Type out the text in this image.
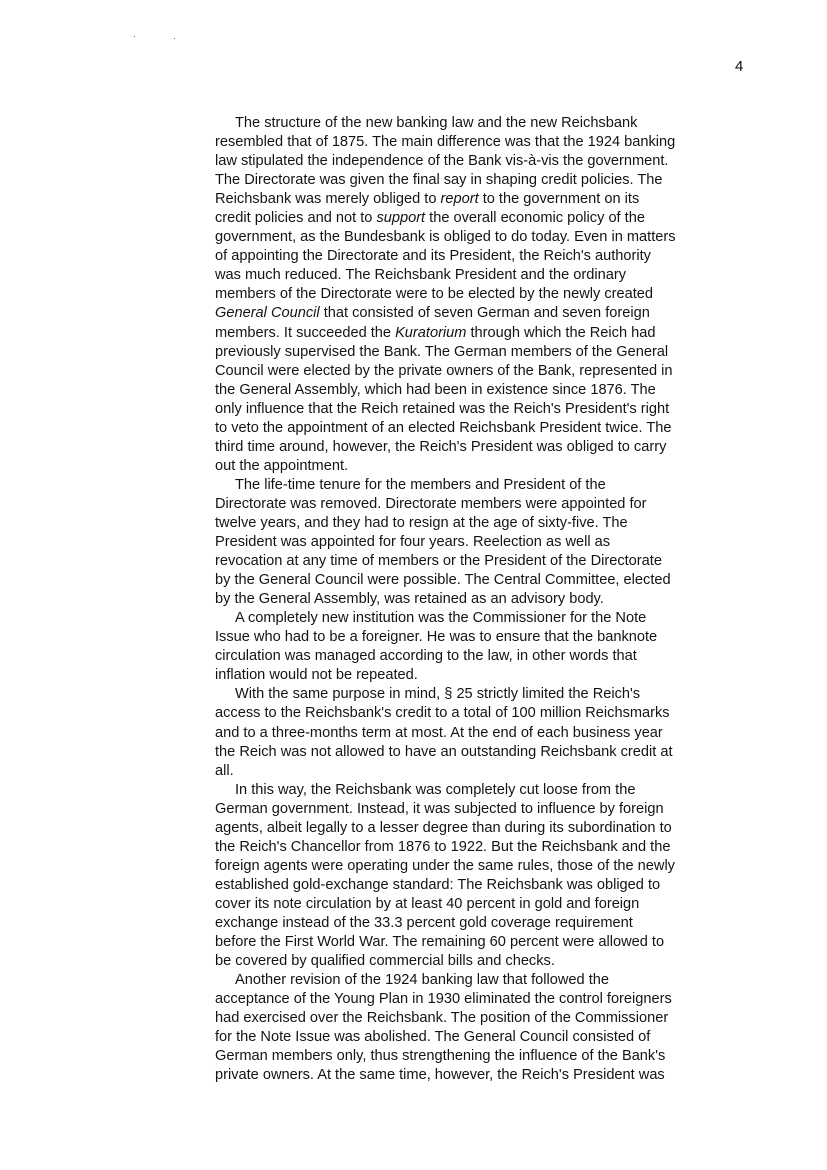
4
The structure of the new banking law and the new Reichsbank
resembled that of 1875. The main difference was that the 1924 banking
law stipulated the independence of the Bank vis-à-vis the government.
The Directorate was given the final say in shaping credit policies. The
Reichsbank was merely obliged to report to the government on its
credit policies and not to support the overall economic policy of the
government, as the Bundesbank is obliged to do today. Even in matters
of appointing the Directorate and its President, the Reich's authority
was much reduced. The Reichsbank President and the ordinary
members of the Directorate were to be elected by the newly created
General Council that consisted of seven German and seven foreign
members. It succeeded the Kuratorium through which the Reich had
previously supervised the Bank. The German members of the General
Council were elected by the private owners of the Bank, represented in
the General Assembly, which had been in existence since 1876. The
only influence that the Reich retained was the Reich's President's right
to veto the appointment of an elected Reichsbank President twice. The
third time around, however, the Reich's President was obliged to carry
out the appointment.
The life-time tenure for the members and President of the
Directorate was removed. Directorate members were appointed for
twelve years, and they had to resign at the age of sixty-five. The
President was appointed for four years. Reelection as well as
revocation at any time of members or the President of the Directorate
by the General Council were possible. The Central Committee, elected
by the General Assembly, was retained as an advisory body.
A completely new institution was the Commissioner for the Note
Issue who had to be a foreigner. He was to ensure that the banknote
circulation was managed according to the law, in other words that
inflation would not be repeated.
With the same purpose in mind, § 25 strictly limited the Reich's
access to the Reichsbank's credit to a total of 100 million Reichsmarks
and to a three-months term at most. At the end of each business year
the Reich was not allowed to have an outstanding Reichsbank credit at
all.
In this way, the Reichsbank was completely cut loose from the
German government. Instead, it was subjected to influence by foreign
agents, albeit legally to a lesser degree than during its subordination to
the Reich's Chancellor from 1876 to 1922. But the Reichsbank and the
foreign agents were operating under the same rules, those of the newly
established gold-exchange standard: The Reichsbank was obliged to
cover its note circulation by at least 40 percent in gold and foreign
exchange instead of the 33.3 percent gold coverage requirement
before the First World War. The remaining 60 percent were allowed to
be covered by qualified commercial bills and checks.
Another revision of the 1924 banking law that followed the
acceptance of the Young Plan in 1930 eliminated the control foreigners
had exercised over the Reichsbank. The position of the Commissioner
for the Note Issue was abolished. The General Council consisted of
German members only, thus strengthening the influence of the Bank's
private owners. At the same time, however, the Reich's President was
